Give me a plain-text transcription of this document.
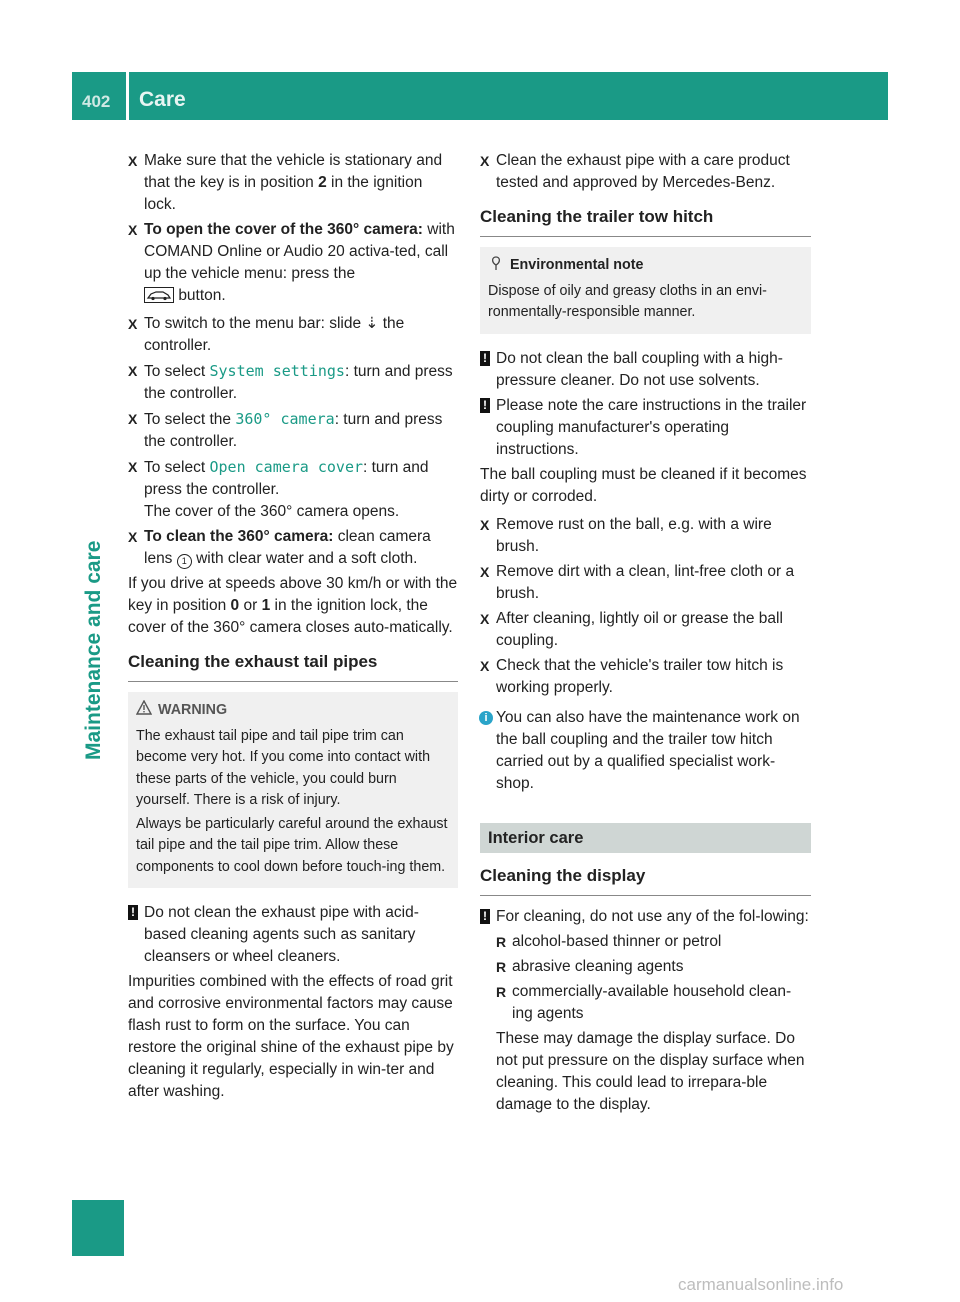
402 Care
Maintenance and care
X Make sure that the vehicle is stationary and that the key is in position 2 in the ignition lock.
X To open the cover of the 360° camera: with COMAND Online or Audio 20 activa-ted, call up the vehicle menu: press the
button.
X To switch to the menu bar: slide ⇣ the controller.
X To select System settings: turn and press the controller.
X To select the 360° camera: turn and press the controller.
X To select Open camera cover: turn and press the controller.
The cover of the 360° camera opens.
X To clean the 360° camera: clean camera lens 1 with clear water and a soft cloth.

If you drive at speeds above 30 km/h or with the key in position 0 or 1 in the ignition lock, the cover of the 360° camera closes auto-matically.

Cleaning the exhaust tail pipes
WARNING

The exhaust tail pipe and tail pipe trim can become very hot. If you come into contact with these parts of the vehicle, you could burn yourself. There is a risk of injury.

Always be particularly careful around the exhaust tail pipe and the tail pipe trim. Allow these components to cool down before touch-ing them.

! Do not clean the exhaust pipe with acid-based cleaning agents such as sanitary cleansers or wheel cleaners.

Impurities combined with the effects of road grit and corrosive environmental factors may cause flash rust to form on the surface. You can restore the original shine of the exhaust pipe by cleaning it regularly, especially in win-ter and after washing.

X Clean the exhaust pipe with a care product tested and approved by Mercedes-Benz.
Cleaning the trailer tow hitch
Environmental note

Dispose of oily and greasy cloths in an envi-ronmentally-responsible manner.

! Do not clean the ball coupling with a high-pressure cleaner. Do not use solvents.
! Please note the care instructions in the trailer coupling manufacturer's operating instructions.

The ball coupling must be cleaned if it becomes dirty or corroded.

X Remove rust on the ball, e.g. with a wire brush.
X Remove dirt with a clean, lint-free cloth or a brush.
X After cleaning, lightly oil or grease the ball coupling.
X Check that the vehicle's trailer tow hitch is working properly.
i You can also have the maintenance work on the ball coupling and the trailer tow hitch carried out by a qualified specialist work-shop.
Interior care
Cleaning the display
! For cleaning, do not use any of the fol-lowing:
R alcohol-based thinner or petrol
R abrasive cleaning agents
R commercially-available household clean-ing agents

These may damage the display surface. Do not put pressure on the display surface when cleaning. This could lead to irrepara-ble damage to the display.

carmanualsonline.info
